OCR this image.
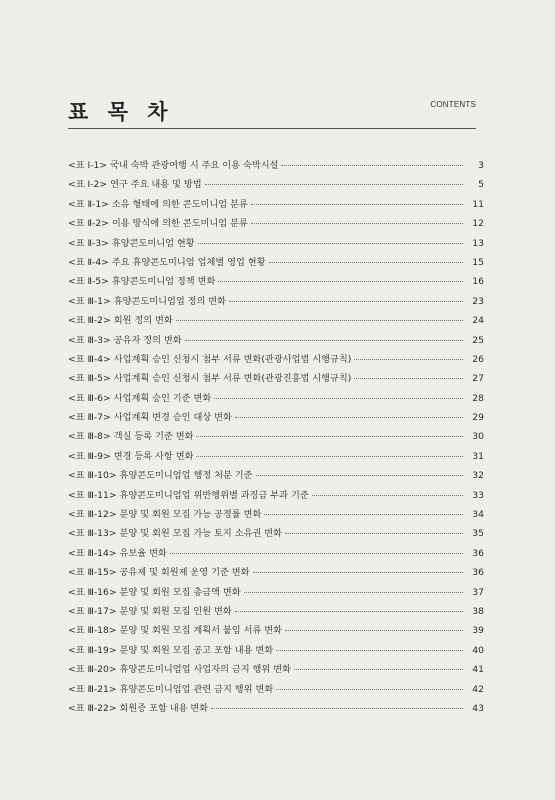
표 목 차	CONTENTS
<표 Ⅰ-1> 국내 숙박 관광여행 시 주요 이용 숙박시설	3
<표 Ⅰ-2> 연구 주요 내용 및 방법	5
<표 Ⅱ-1> 소유 형태에 의한 콘도미니엄 분류	11
<표 Ⅱ-2> 이용 방식에 의한 콘도미니엄 분류	12
<표 Ⅱ-3> 휴양콘도미니엄 현황	13
<표 Ⅱ-4> 주요 휴양콘도미니엄 업체별 영업 현황	15
<표 Ⅱ-5> 휴양콘도미니엄 정책 변화	16
<표 Ⅲ-1> 휴양콘도미니엄업 정의 변화	23
<표 Ⅲ-2> 회원 정의 변화	24
<표 Ⅲ-3> 공유자 정의 변화	25
<표 Ⅲ-4> 사업계획 승인 신청시 첨부 서류 변화(관광사업법 시행규칙)	26
<표 Ⅲ-5> 사업계획 승인 신청시 첨부 서류 변화(관광진흥법 시행규칙)	27
<표 Ⅲ-6> 사업계획 승인 기준 변화	28
<표 Ⅲ-7> 사업계획 변경 승인 대상 변화	29
<표 Ⅲ-8> 객실 등록 기준 변화	30
<표 Ⅲ-9> 변경 등록 사항 변화	31
<표 Ⅲ-10> 휴양콘도미니엄업 행정 처분 기준	32
<표 Ⅲ-11> 휴양콘도미니엄업 위반행위별 과징금 부과 기준	33
<표 Ⅲ-12> 분양 및 회원 모집 가능 공정률 변화	34
<표 Ⅲ-13> 분양 및 회원 모집 가능 토지 소유권 변화	35
<표 Ⅲ-14> 유보율 변화	36
<표 Ⅲ-15> 공유제 및 회원제 운영 기준 변화	36
<표 Ⅲ-16> 분양 및 회원 모집 총금액 변화	37
<표 Ⅲ-17> 분양 및 회원 모집 인원 변화	38
<표 Ⅲ-18> 분양 및 회원 모집 계획서 붙임 서류 변화	39
<표 Ⅲ-19> 분양 및 회원 모집 공고 포함 내용 변화	40
<표 Ⅲ-20> 휴양콘도미니엄업 사업자의 금지 행위 변화	41
<표 Ⅲ-21> 휴양콘도미니엄업 관련 금지 행위 변화	42
<표 Ⅲ-22> 회원증 포함 내용 변화	43
